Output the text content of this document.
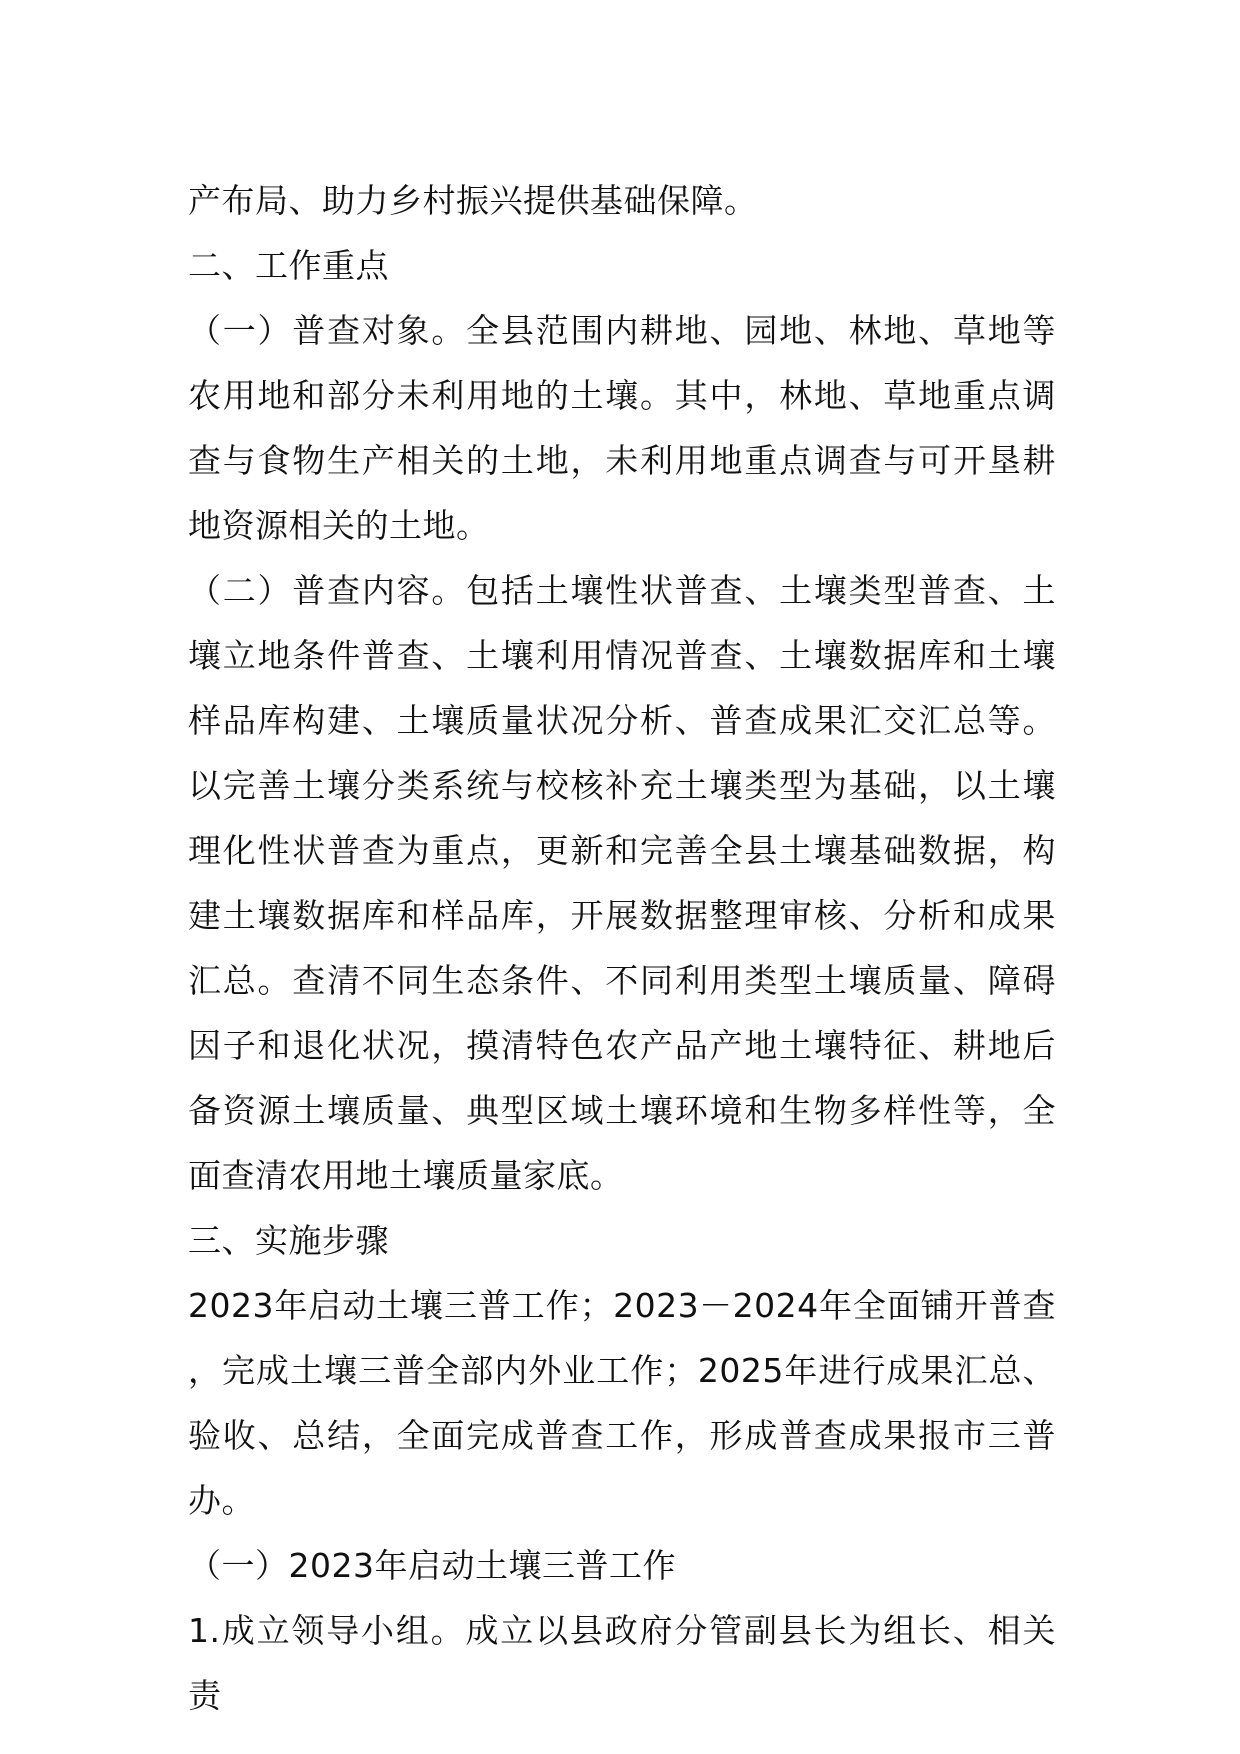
产布局、助力乡村振兴提供基础保障。

二、工作重点

（一）普查对象。全县范围内耕地、园地、林地、草地等农用地和部分未利用地的土壤。其中，林地、草地重点调查与食物生产相关的土地，未利用地重点调查与可开垦耕地资源相关的土地。

（二）普查内容。包括土壤性状普查、土壤类型普查、土壤立地条件普查、土壤利用情况普查、土壤数据库和土壤样品库构建、土壤质量状况分析、普查成果汇交汇总等。以完善土壤分类系统与校核补充土壤类型为基础，以土壤理化性状普查为重点，更新和完善全县土壤基础数据，构建土壤数据库和样品库，开展数据整理审核、分析和成果汇总。查清不同生态条件、不同利用类型土壤质量、障碍因子和退化状况，摸清特色农产品产地土壤特征、耕地后备资源土壤质量、典型区域土壤环境和生物多样性等，全面查清农用地土壤质量家底。

三、实施步骤

2023年启动土壤三普工作；2023－2024年全面铺开普查，完成土壤三普全部内外业工作；2025年进行成果汇总、验收、总结，全面完成普查工作，形成普查成果报市三普办。

（一）2023年启动土壤三普工作

1.成立领导小组。成立以县政府分管副县长为组长、相关责
